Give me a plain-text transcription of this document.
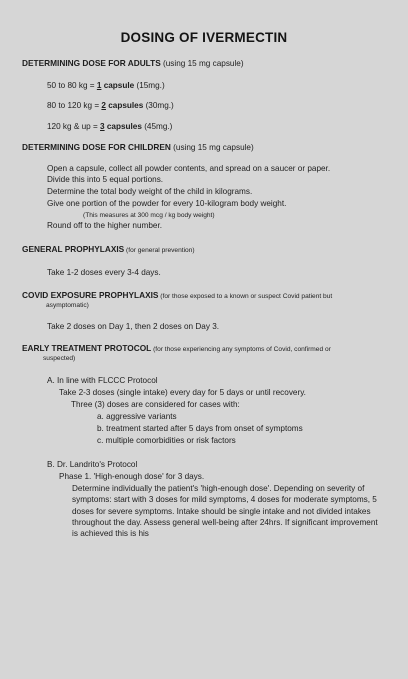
DOSING OF IVERMECTIN
DETERMINING DOSE FOR ADULTS (using 15 mg capsule)
50 to 80 kg = 1 capsule (15mg.)
80 to 120 kg = 2 capsules (30mg.)
120 kg & up = 3 capsules (45mg.)
DETERMINING DOSE FOR CHILDREN (using 15 mg capsule)
Open a capsule, collect all powder contents, and spread on a saucer or paper.
Divide this into 5 equal portions.
Determine the total body weight of the child in kilograms.
Give one portion of the powder for every 10-kilogram body weight.
(This measures at 300 mcg / kg body weight)
Round off to the higher number.
GENERAL PROPHYLAXIS (for general prevention)
Take 1-2 doses every 3-4 days.
COVID EXPOSURE PROPHYLAXIS (for those exposed to a known or suspect Covid patient but
asymptomatic)
Take 2 doses on Day 1, then 2 doses on Day 3.
EARLY TREATMENT PROTOCOL (for those experiencing any symptoms of Covid, confirmed or
suspected)
A. In line with FLCCC Protocol
Take 2-3 doses (single intake) every day for 5 days or until recovery.
Three (3) doses are considered for cases with:
a. aggressive variants
b. treatment started after 5 days from onset of symptoms
c. multiple comorbidities or risk factors
B. Dr. Landrito's Protocol
Phase 1. 'High-enough dose' for 3 days.
Determine individually the patient's 'high-enough dose'. Depending on severity of symptoms: start with 3 doses for mild symptoms, 4 doses for moderate symptoms, 5 doses for severe symptoms. Intake should be single intake and not divided intakes throughout the day. Assess general well-being after 24hrs. If significant improvement is achieved this is his
